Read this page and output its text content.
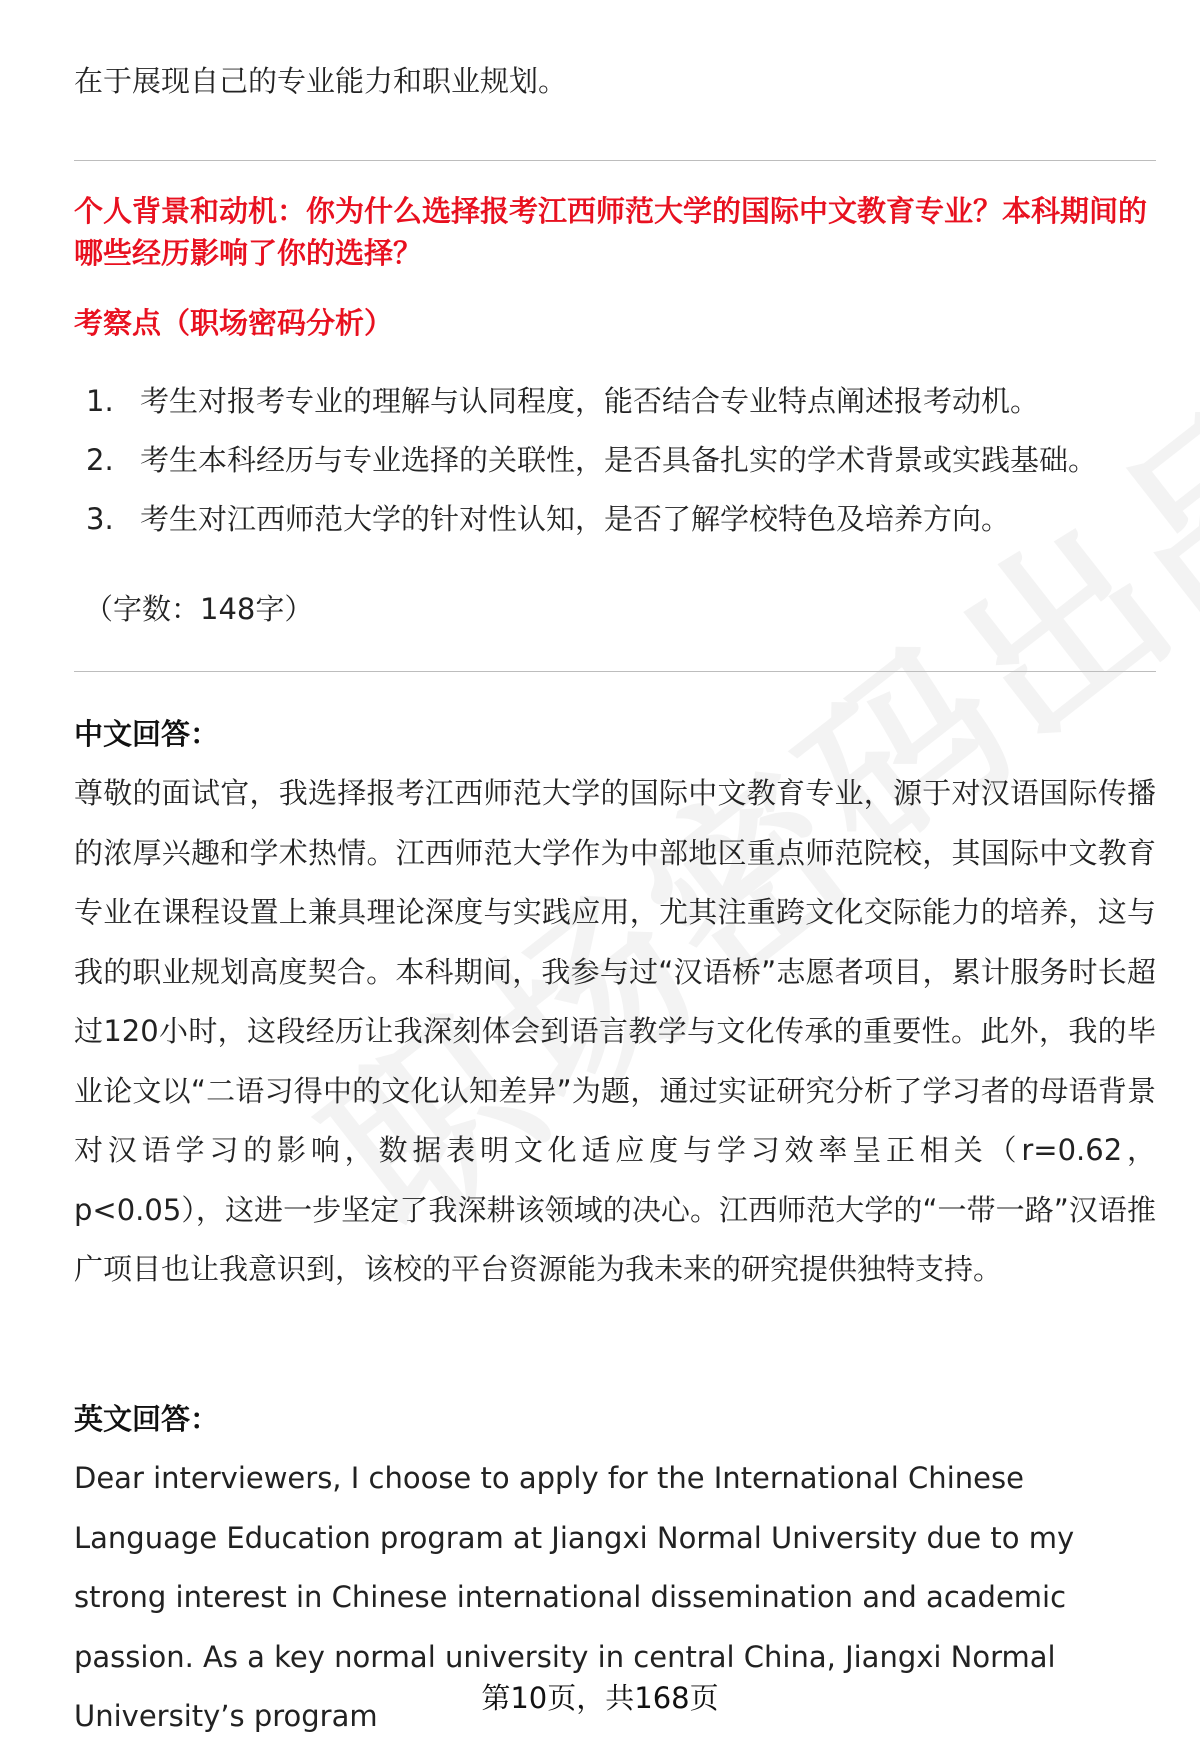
在于展现自己的专业能力和职业规划。

个人背景和动机：你为什么选择报考江西师范大学的国际中文教育专业？本科期间的哪些经历影响了你的选择？

考察点（职场密码分析）

1. 考生对报考专业的理解与认同程度，能否结合专业特点阐述报考动机。
2. 考生本科经历与专业选择的关联性，是否具备扎实的学术背景或实践基础。
3. 考生对江西师范大学的针对性认知，是否了解学校特色及培养方向。

（字数：148字）

中文回答：

尊敬的面试官，我选择报考江西师范大学的国际中文教育专业，源于对汉语国际传播的浓厚兴趣和学术热情。江西师范大学作为中部地区重点师范院校，其国际中文教育专业在课程设置上兼具理论深度与实践应用，尤其注重跨文化交际能力的培养，这与我的职业规划高度契合。本科期间，我参与过“汉语桥”志愿者项目，累计服务时长超过120小时，这段经历让我深刻体会到语言教学与文化传承的重要性。此外，我的毕业论文以“二语习得中的文化认知差异”为题，通过实证研究分析了学习者的母语背景对汉语学习的影响，数据表明文化适应度与学习效率呈正相关（r=0.62，p<0.05），这进一步坚定了我深耕该领域的决心。江西师范大学的“一带一路”汉语推广项目也让我意识到，该校的平台资源能为我未来的研究提供独特支持。

英文回答：

Dear interviewers, I choose to apply for the International Chinese Language Education program at Jiangxi Normal University due to my strong interest in Chinese international dissemination and academic passion. As a key normal university in central China, Jiangxi Normal University’s program

第10页，共168页
